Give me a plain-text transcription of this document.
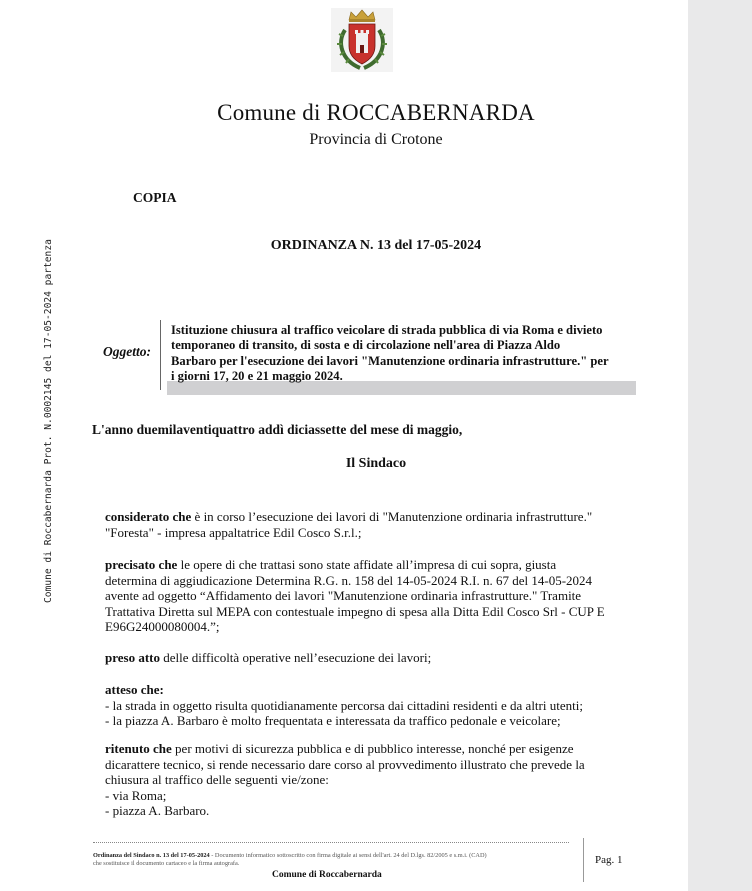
Comune di ROCCABERNARDA
Provincia di Crotone
COPIA
ORDINANZA N. 13 del 17-05-2024
Comune di Roccabernarda Prot. N.0002145 del 17-05-2024 partenza	Oggetto:
Istituzione chiusura al traffico veicolare di strada pubblica di via Roma e divieto
temporaneo di transito, di sosta e di circolazione nell'area di Piazza Aldo
Barbaro per l'esecuzione dei lavori "Manutenzione ordinaria infrastrutture." per
i giorni 17, 20 e 21 maggio 2024.
L'anno duemilaventiquattro addì diciassette del mese di maggio,
Il Sindaco

considerato che è in corso l’esecuzione dei lavori di "Manutenzione ordinaria infrastrutture."

"Foresta" - impresa appaltatrice Edil Cosco S.r.l.;

precisato che le opere di che trattasi sono state affidate all’impresa di cui sopra, giusta

determina di aggiudicazione Determina R.G. n. 158 del 14-05-2024 R.I. n. 67 del 14-05-2024

avente ad oggetto “Affidamento dei lavori "Manutenzione ordinaria infrastrutture." Tramite

Trattativa Diretta sul MEPA con contestuale impegno di spesa alla Ditta Edil Cosco Srl - CUP E

E96G24000080004.”;

preso atto delle difficoltà operative nell’esecuzione dei lavori;

atteso che:

- la strada in oggetto risulta quotidianamente percorsa dai cittadini residenti e da altri utenti;

- la piazza A. Barbaro è molto frequentata e interessata da traffico pedonale e veicolare;

ritenuto che per motivi di sicurezza pubblica e di pubblico interesse, nonché per esigenze

dicarattere tecnico, si rende necessario dare corso al provvedimento illustrato che prevede la

chiusura al traffico delle seguenti vie/zone:

- via Roma;

- piazza A. Barbaro.

Ordinanza del Sindaco n. 13 del 17-05-2024 - Documento informatico sottoscritto con firma digitale ai sensi dell'art. 24 del D.lgs. 82/2005 e s.m.i. (CAD)
che sostituisce il documento cartaceo e la firma autografa.	Pag. 1
Comune di Roccabernarda
